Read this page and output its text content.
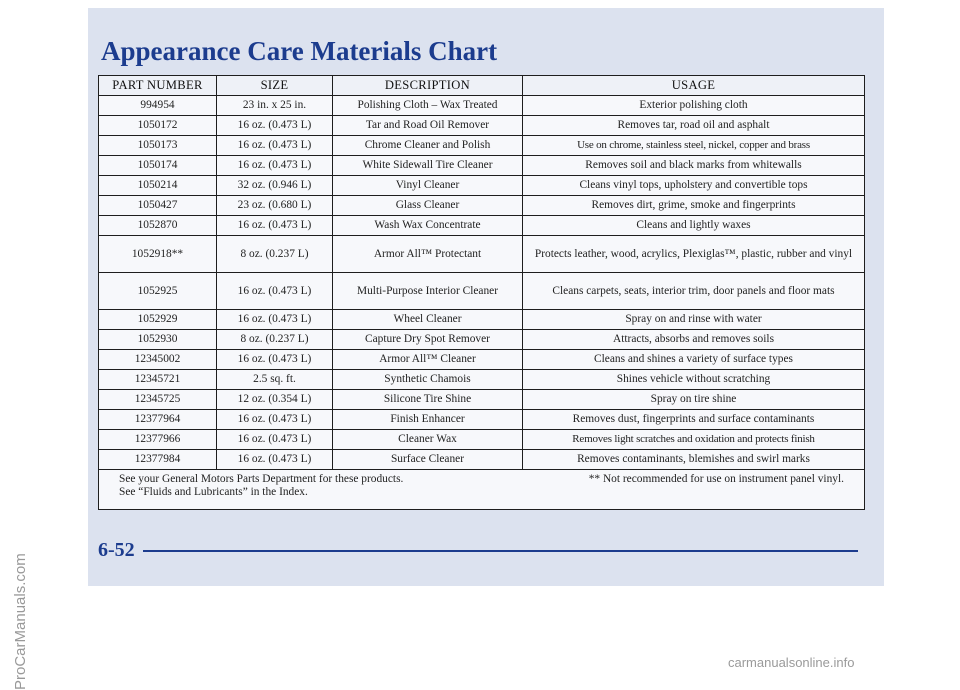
Appearance Care Materials Chart
PART NUMBER	SIZE	DESCRIPTION	USAGE
994954	23 in. x 25 in.	Polishing Cloth – Wax Treated	Exterior polishing cloth
1050172	16 oz. (0.473 L)	Tar and Road Oil Remover	Removes tar, road oil and asphalt
1050173	16 oz. (0.473 L)	Chrome Cleaner and Polish	Use on chrome, stainless steel, nickel, copper and brass
1050174	16 oz. (0.473 L)	White Sidewall Tire Cleaner	Removes soil and black marks from whitewalls
1050214	32 oz. (0.946 L)	Vinyl Cleaner	Cleans vinyl tops, upholstery and convertible tops
1050427	23 oz. (0.680 L)	Glass Cleaner	Removes dirt, grime, smoke and fingerprints
1052870	16 oz. (0.473 L)	Wash Wax Concentrate	Cleans and lightly waxes
1052918**	8 oz. (0.237 L)	Armor All™ Protectant	Protects leather, wood, acrylics, Plexiglas™, plastic, rubber and vinyl
1052925	16 oz. (0.473 L)	Multi-Purpose Interior Cleaner	Cleans carpets, seats, interior trim, door panels and floor mats
1052929	16 oz. (0.473 L)	Wheel Cleaner	Spray on and rinse with water
1052930	8 oz. (0.237 L)	Capture Dry Spot Remover	Attracts, absorbs and removes soils
12345002	16 oz. (0.473 L)	Armor All™ Cleaner	Cleans and shines a variety of surface types
12345721	2.5 sq. ft.	Synthetic Chamois	Shines vehicle without scratching
12345725	12 oz. (0.354 L)	Silicone Tire Shine	Spray on tire shine
12377964	16 oz. (0.473 L)	Finish Enhancer	Removes dust, fingerprints and surface contaminants
12377966	16 oz. (0.473 L)	Cleaner Wax	Removes light scratches and oxidation and protects finish
12377984	16 oz. (0.473 L)	Surface Cleaner	Removes contaminants, blemishes and swirl marks

See your General Motors Parts Department for these products.
See “Fluids and Lubricants” in the Index.
** Not recommended for use on instrument panel vinyl.			
6-52
ProCarManuals.com	carmanualsonline.info
